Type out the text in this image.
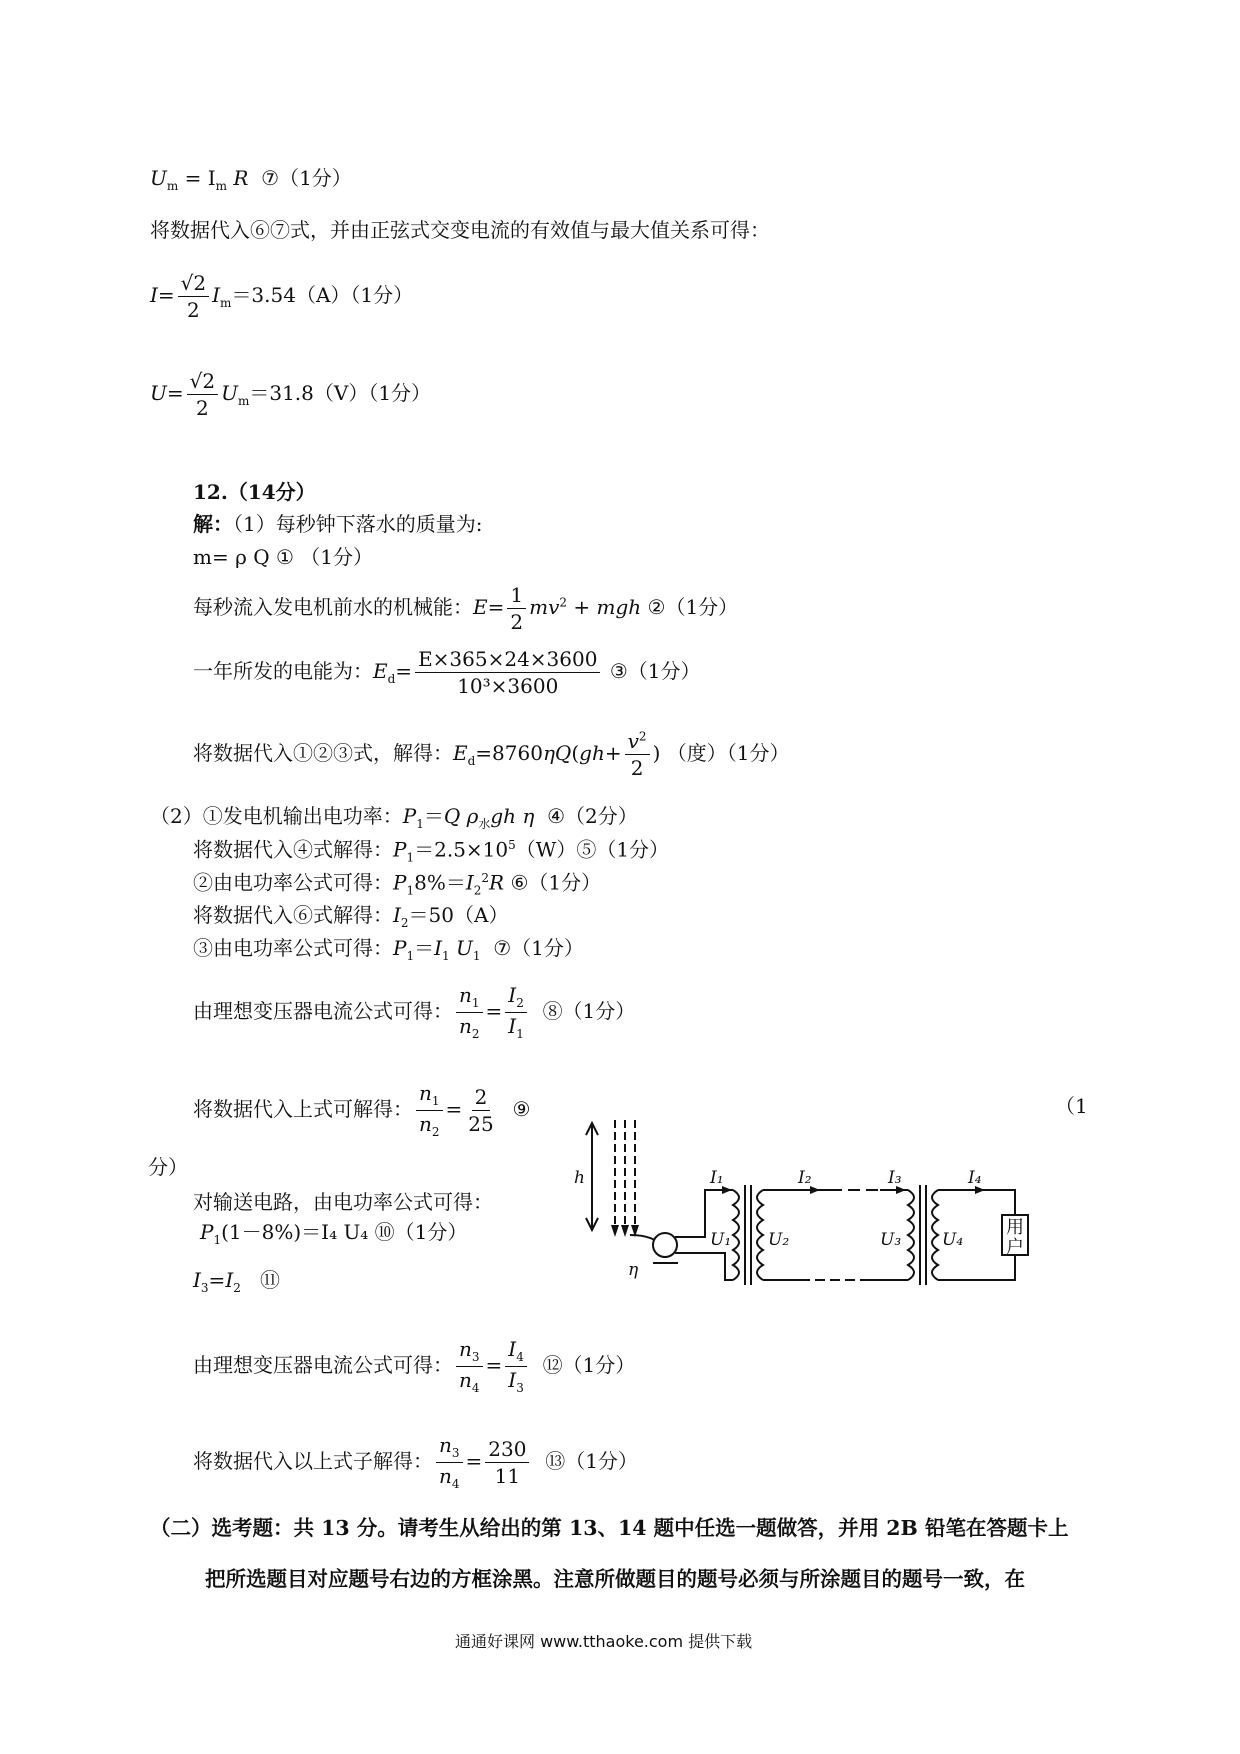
$U_m = I_m$ R ⑦（1分）
将数据代入⑥⑦式，并由正弦式交变电流的有效值与最大值关系可得：
$I= \frac{√2}{2} I_m=3.54(A)(1$分）
$U= \frac{√2}{2} U_m=31.8(V)(1$分）
12.（14分）
解：（1）每秒钟下落水的质量为:
m= ρ Q ① （1分）
每秒流入发电机前水的机械能：$E= \frac{1}{2} mv^2$ + mgh ②（1分）
一年所发的电能为：$E_d= \frac{E\times 365\times 24\times 3600}{\text{10³×3600}}$ ③（1分）
将数据代入①②③式，解得：$E_d=8760\eta Q(gh+ \frac{v^2}{2}$ ) （度）（1分）
（2）①发电机输出电功率：$P_1=Q$ $\rho_水gh$ η ④（2分）
将数据代入④式解得：$P_1=2.5\times 10^5(W)⑤(1$分）
②由电功率公式可得：$P_18\%=I_2^2R$ ⑥（1分）
将数据代入⑥式解得：$I_2=50(A)$
③由电功率公式可得：$P_1=I_1$ $U_1$ ⑦（1分）
由理想变压器电流公式可得： $\frac{n_1}{n_2} = \frac{I_2}{I_1}$ ⑧（1分）
将数据代入上式可解得： $\frac{n_1}{n_2} = \frac{2}{25}$ ⑨	（1
分）
对输送电路，由电功率公式可得：
$P_1(1-8\%)=I_4$ U₄ ⑩（1分）
$I_3=I_2$ ⑪
由理想变压器电流公式可得： $\frac{n_3}{n_4} = \frac{I_4}{I_3}$ ⑫（1分）
将数据代入以上式子解得： $\frac{n_3}{n_4} = \frac{230}{11}$ ⑬（1分）
（二）选考题：共 13 分。请考生从给出的第 13、14 题中任选一题做答，并用 2B 铅笔在答题卡上
把所选题目对应题号右边的方框涂黑。注意所做题目的题号必须与所涂题目的题号一致，在
通通好课网 www.tthaoke.com 提供下载
h
η
I₁	I₂	I₃	I₄
U₁ U₂	U₃ U₄
用
户
